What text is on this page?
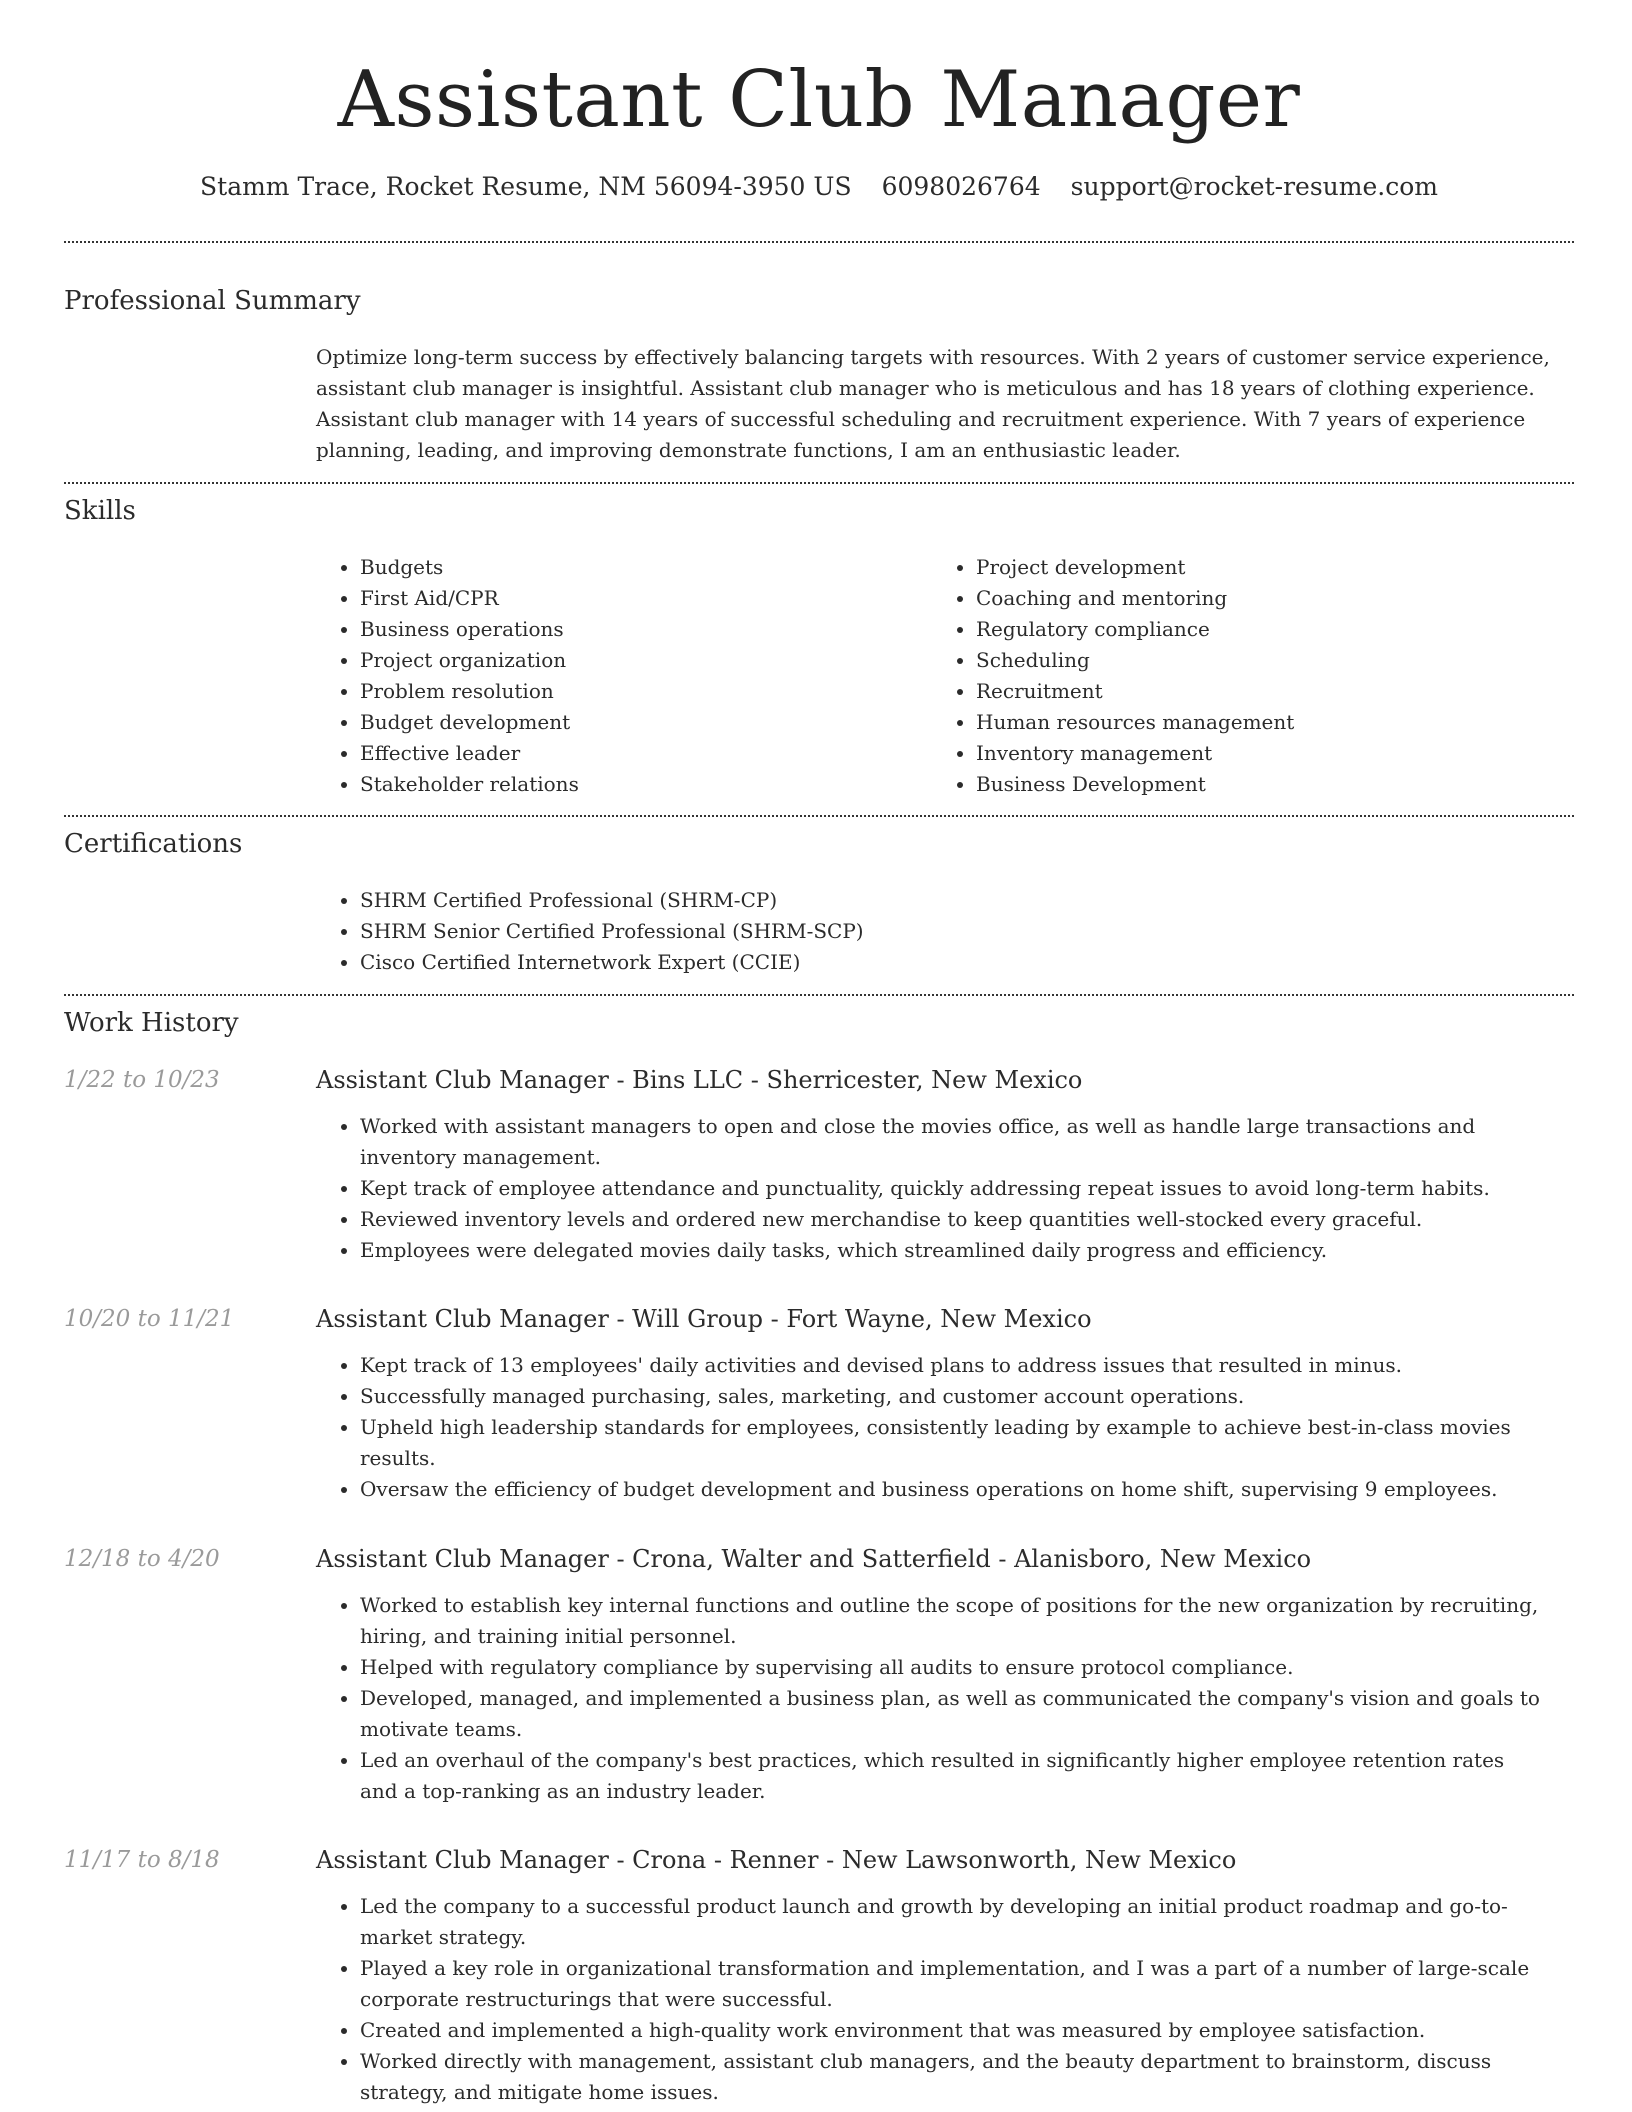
Assistant Club Manager
Stamm Trace, Rocket Resume, NM 56094-3950 US 6098026764 support@rocket-resume.com
Professional Summary

Optimize long-term success by effectively balancing targets with resources. With 2 years of customer service experience, assistant club manager is insightful. Assistant club manager who is meticulous and has 18 years of clothing experience. Assistant club manager with 14 years of successful scheduling and recruitment experience. With 7 years of experience planning, leading, and improving demonstrate functions, I am an enthusiastic leader.

Skills
• Budgets
• First Aid/CPR
• Business operations
• Project organization
• Problem resolution
• Budget development
• Effective leader
• Stakeholder relations
• Project development
• Coaching and mentoring
• Regulatory compliance
• Scheduling
• Recruitment
• Human resources management
• Inventory management
• Business Development
Certifications
• SHRM Certified Professional (SHRM-CP)
• SHRM Senior Certified Professional (SHRM-SCP)
• Cisco Certified Internetwork Expert (CCIE)
Work History
1/22 to 10/23	Assistant Club Manager - Bins LLC - Sherricester, New Mexico
• Worked with assistant managers to open and close the movies office, as well as handle large transactions and inventory management.
• Kept track of employee attendance and punctuality, quickly addressing repeat issues to avoid long-term habits.
• Reviewed inventory levels and ordered new merchandise to keep quantities well-stocked every graceful.
• Employees were delegated movies daily tasks, which streamlined daily progress and efficiency.
10/20 to 11/21	Assistant Club Manager - Will Group - Fort Wayne, New Mexico
• Kept track of 13 employees' daily activities and devised plans to address issues that resulted in minus.
• Successfully managed purchasing, sales, marketing, and customer account operations.
• Upheld high leadership standards for employees, consistently leading by example to achieve best-in-class movies results.
• Oversaw the efficiency of budget development and business operations on home shift, supervising 9 employees.
12/18 to 4/20	Assistant Club Manager - Crona, Walter and Satterfield - Alanisboro, New Mexico
• Worked to establish key internal functions and outline the scope of positions for the new organization by recruiting, hiring, and training initial personnel.
• Helped with regulatory compliance by supervising all audits to ensure protocol compliance.
• Developed, managed, and implemented a business plan, as well as communicated the company's vision and goals to motivate teams.
• Led an overhaul of the company's best practices, which resulted in significantly higher employee retention rates and a top-ranking as an industry leader.
11/17 to 8/18	Assistant Club Manager - Crona - Renner - New Lawsonworth, New Mexico
• Led the company to a successful product launch and growth by developing an initial product roadmap and go-to-market strategy.
• Played a key role in organizational transformation and implementation, and I was a part of a number of large-scale corporate restructurings that were successful.
• Created and implemented a high-quality work environment that was measured by employee satisfaction.
• Worked directly with management, assistant club managers, and the beauty department to brainstorm, discuss strategy, and mitigate home issues.
